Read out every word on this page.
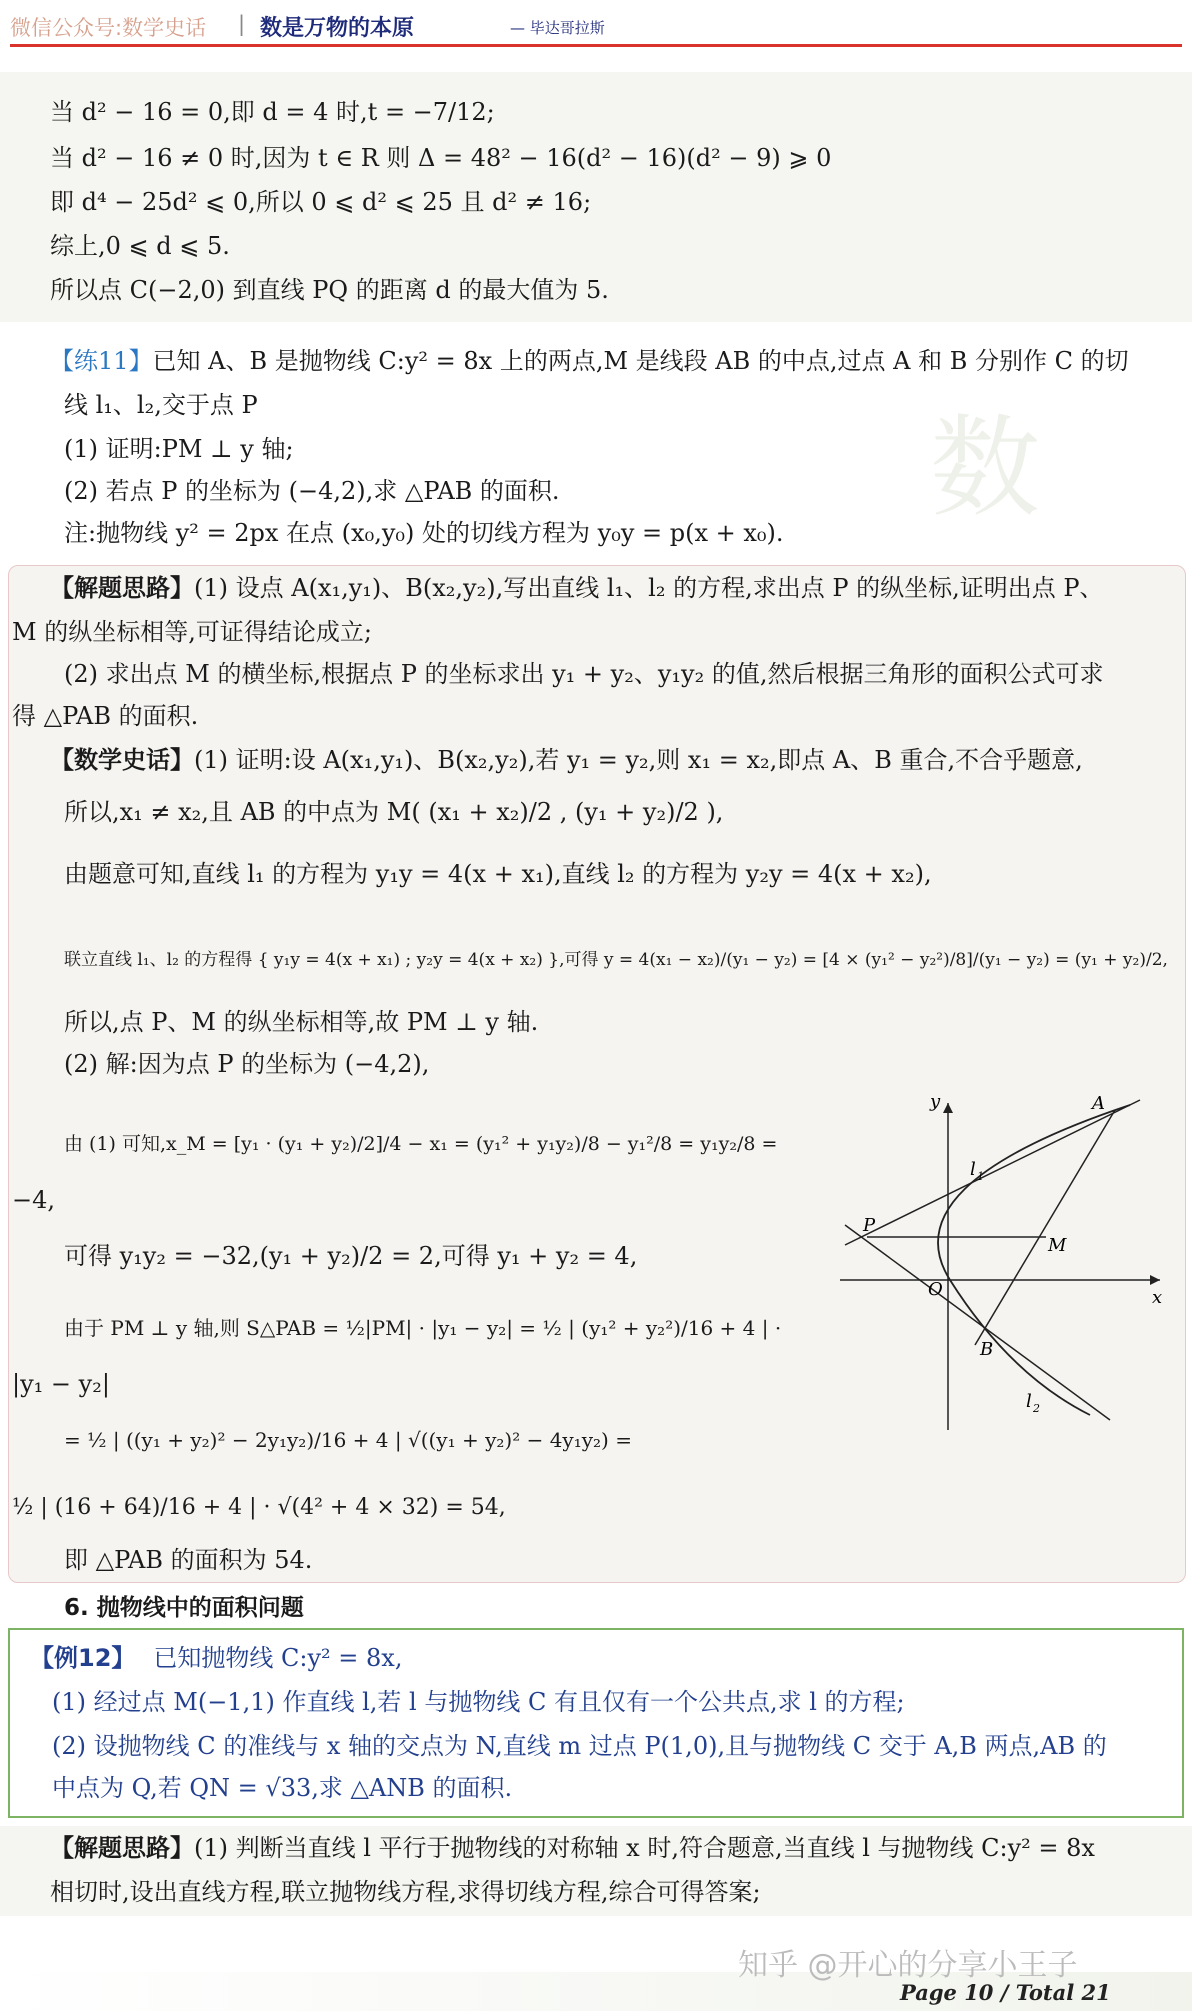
微信公众号:数学史话 | 数是万物的本原	— 毕达哥拉斯
当 d² − 16 = 0,即 d = 4 时,t = −7/12;
当 d² − 16 ≠ 0 时,因为 t ∈ R 则 Δ = 48² − 16(d² − 16)(d² − 9) ⩾ 0
即 d⁴ − 25d² ⩽ 0,所以 0 ⩽ d² ⩽ 25 且 d² ≠ 16;
综上,0 ⩽ d ⩽ 5.
所以点 C(−2,0) 到直线 PQ 的距离 d 的最大值为 5.
数
【练11】已知 A、B 是抛物线 C:y² = 8x 上的两点,M 是线段 AB 的中点,过点 A 和 B 分别作 C 的切
线 l₁、l₂,交于点 P
(1) 证明:PM ⊥ y 轴;
(2) 若点 P 的坐标为 (−4,2),求 △PAB 的面积.
注:抛物线 y² = 2px 在点 (x₀,y₀) 处的切线方程为 y₀y = p(x + x₀).
【解题思路】(1) 设点 A(x₁,y₁)、B(x₂,y₂),写出直线 l₁、l₂ 的方程,求出点 P 的纵坐标,证明出点 P、
M 的纵坐标相等,可证得结论成立;
(2) 求出点 M 的横坐标,根据点 P 的坐标求出 y₁ + y₂、y₁y₂ 的值,然后根据三角形的面积公式可求
得 △PAB 的面积.
【数学史话】(1) 证明:设 A(x₁,y₁)、B(x₂,y₂),若 y₁ = y₂,则 x₁ = x₂,即点 A、B 重合,不合乎题意,
所以,x₁ ≠ x₂,且 AB 的中点为 M( (x₁ + x₂)/2 , (y₁ + y₂)/2 ),
由题意可知,直线 l₁ 的方程为 y₁y = 4(x + x₁),直线 l₂ 的方程为 y₂y = 4(x + x₂),
联立直线 l₁、l₂ 的方程得 { y₁y = 4(x + x₁) ; y₂y = 4(x + x₂) },可得 y = 4(x₁ − x₂)/(y₁ − y₂) = [4 × (y₁² − y₂²)/8]/(y₁ − y₂) = (y₁ + y₂)/2,
所以,点 P、M 的纵坐标相等,故 PM ⊥ y 轴.
(2) 解:因为点 P 的坐标为 (−4,2),
由 (1) 可知,x_M = [y₁ · (y₁ + y₂)/2]/4 − x₁ = (y₁² + y₁y₂)/8 − y₁²/8 = y₁y₂/8 =
−4,
可得 y₁y₂ = −32,(y₁ + y₂)/2 = 2,可得 y₁ + y₂ = 4,
由于 PM ⊥ y 轴,则 S△PAB = ½|PM| · |y₁ − y₂| = ½ | (y₁² + y₂²)/16 + 4 | ·
|y₁ − y₂|
= ½ | ((y₁ + y₂)² − 2y₁y₂)/16 + 4 | √((y₁ + y₂)² − 4y₁y₂) =
½ | (16 + 64)/16 + 4 | · √(4² + 4 × 32) = 54,
即 △PAB 的面积为 54.
y
x
O
A
B
P
M
l 1
l 2
6. 抛物线中的面积问题
【例12】 已知抛物线 C:y² = 8x,
(1) 经过点 M(−1,1) 作直线 l,若 l 与抛物线 C 有且仅有一个公共点,求 l 的方程;
(2) 设抛物线 C 的准线与 x 轴的交点为 N,直线 m 过点 P(1,0),且与抛物线 C 交于 A,B 两点,AB 的
中点为 Q,若 QN = √33,求 △ANB 的面积.
【解题思路】(1) 判断当直线 l 平行于抛物线的对称轴 x 时,符合题意,当直线 l 与抛物线 C:y² = 8x
相切时,设出直线方程,联立抛物线方程,求得切线方程,综合可得答案;
知乎 @开心的分享小王子
Page 10 / Total 21
